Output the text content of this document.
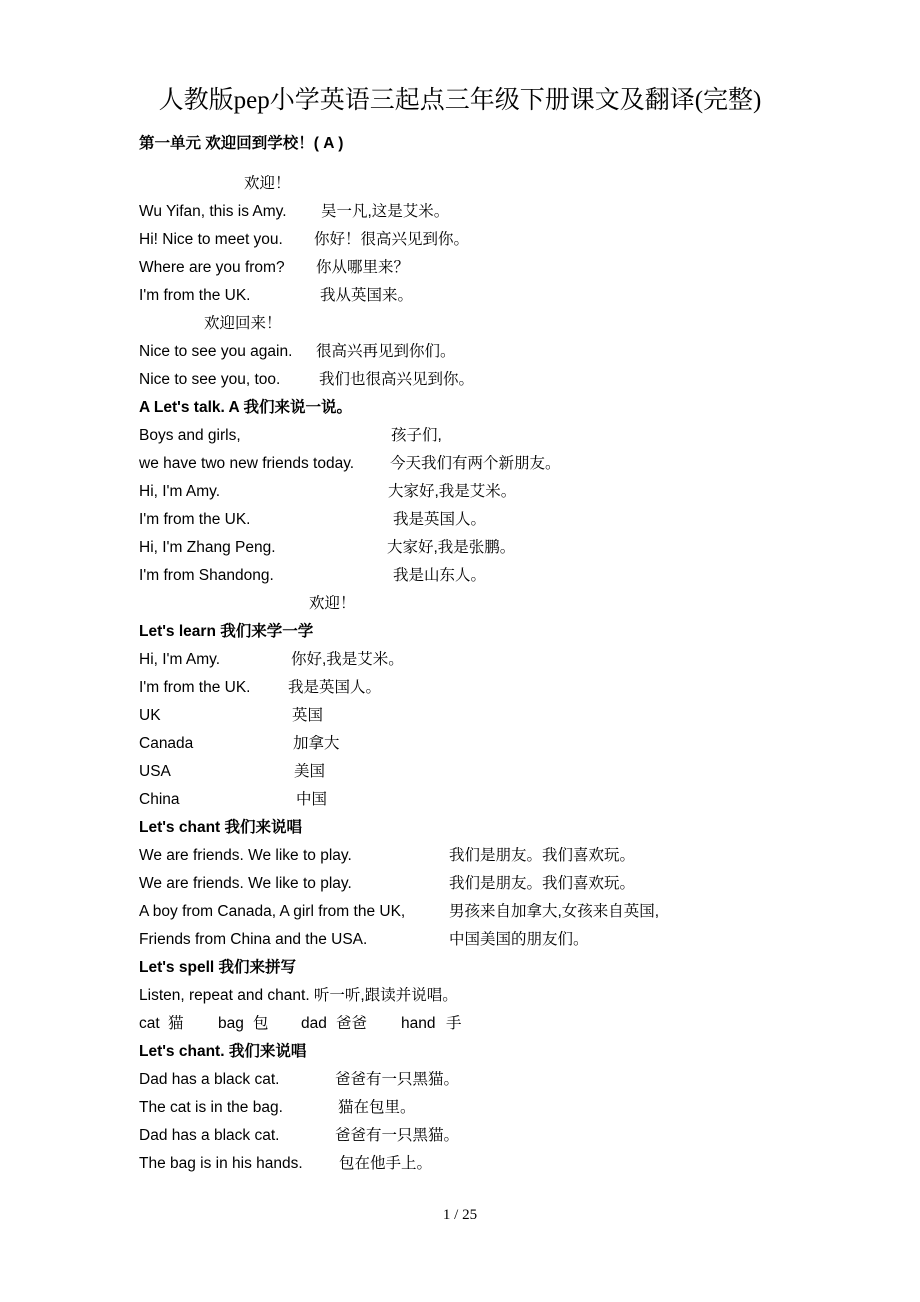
人教版pep小学英语三起点三年级下册课文及翻译(完整)
第一单元 欢迎回到学校！( A )
欢迎！
Wu Yifan, this is Amy. 吴一凡,这是艾米。
Hi! Nice to meet you. 你好！很高兴见到你。
Where are you from? 你从哪里来？
I'm from the UK.	我从英国来。
欢迎回来！
Nice to see you again. 很高兴再见到你们。
Nice to see you, too. 我们也很高兴见到你。
A Let's talk. A 我们来说一说。
Boys and girls,	孩子们,
we have two new friends today. 今天我们有两个新朋友。
Hi, I'm Amy.	大家好,我是艾米。
I'm from the UK.	我是英国人。
Hi, I'm Zhang Peng.	大家好,我是张鹏。
I'm from Shandong.	我是山东人。
欢迎！
Let's learn 我们来学一学
Hi, I'm Amy.	你好,我是艾米。
I'm from the UK. 我是英国人。
UK	英国
Canada	加拿大
USA	美国
China	中国
Let's chant 我们来说唱
We are friends. We like to play.	我们是朋友。我们喜欢玩。
We are friends. We like to play.	我们是朋友。我们喜欢玩。
A boy from Canada, A girl from the UK,	男孩来自加拿大,女孩来自英国,
Friends from China and the USA.	中国美国的朋友们。
Let's spell 我们来拼写
Listen, repeat and chant. 听一听,跟读并说唱。
cat 猫 bag 包 dad 爸爸 hand 手
Let's chant. 我们来说唱
Dad has a black cat.	爸爸有一只黑猫。
The cat is in the bag.	猫在包里。
Dad has a black cat.	爸爸有一只黑猫。
The bag is in his hands. 包在他手上。
1 / 25
